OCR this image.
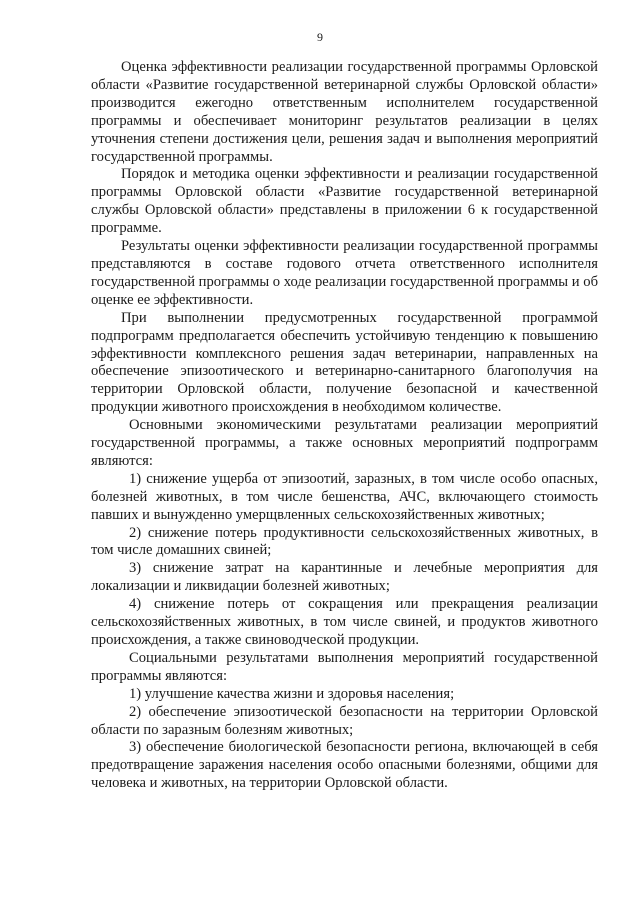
9

Оценка эффективности реализации государственной программы Орловской области «Развитие государственной ветеринарной службы Орловской области» производится ежегодно ответственным исполнителем государственной программы и обеспечивает мониторинг результатов реализации в целях уточнения степени достижения цели, решения задач и выполнения мероприятий государственной программы.

Порядок и методика оценки эффективности и реализации государственной программы Орловской области «Развитие государственной ветеринарной службы Орловской области» представлены в приложении 6 к государственной программе.

Результаты оценки эффективности реализации государственной программы представляются в составе годового отчета ответственного исполнителя государственной программы о ходе реализации государственной программы и об оценке ее эффективности.

При выполнении предусмотренных государственной программой подпрограмм предполагается обеспечить устойчивую тенденцию к повышению эффективности комплексного решения задач ветеринарии, направленных на обеспечение эпизоотического и ветеринарно-санитарного благополучия на территории Орловской области, получение безопасной и качественной продукции животного происхождения в необходимом количестве.

Основными экономическими результатами реализации мероприятий государственной программы, а также основных мероприятий подпрограмм являются:

1) снижение ущерба от эпизоотий, заразных, в том числе особо опасных, болезней животных, в том числе бешенства, АЧС, включающего стоимость павших и вынужденно умерщвленных сельскохозяйственных животных;

2) снижение потерь продуктивности сельскохозяйственных животных, в том числе домашних свиней;

3) снижение затрат на карантинные и лечебные мероприятия для локализации и ликвидации болезней животных;

4) снижение потерь от сокращения или прекращения реализации сельскохозяйственных животных, в том числе свиней, и продуктов животного происхождения, а также свиноводческой продукции.

Социальными результатами выполнения мероприятий государственной программы являются:

1) улучшение качества жизни и здоровья населения;

2) обеспечение эпизоотической безопасности на территории Орловской области по заразным болезням животных;

3) обеспечение биологической безопасности региона, включающей в себя предотвращение заражения населения особо опасными болезнями, общими для человека и животных, на территории Орловской области.
